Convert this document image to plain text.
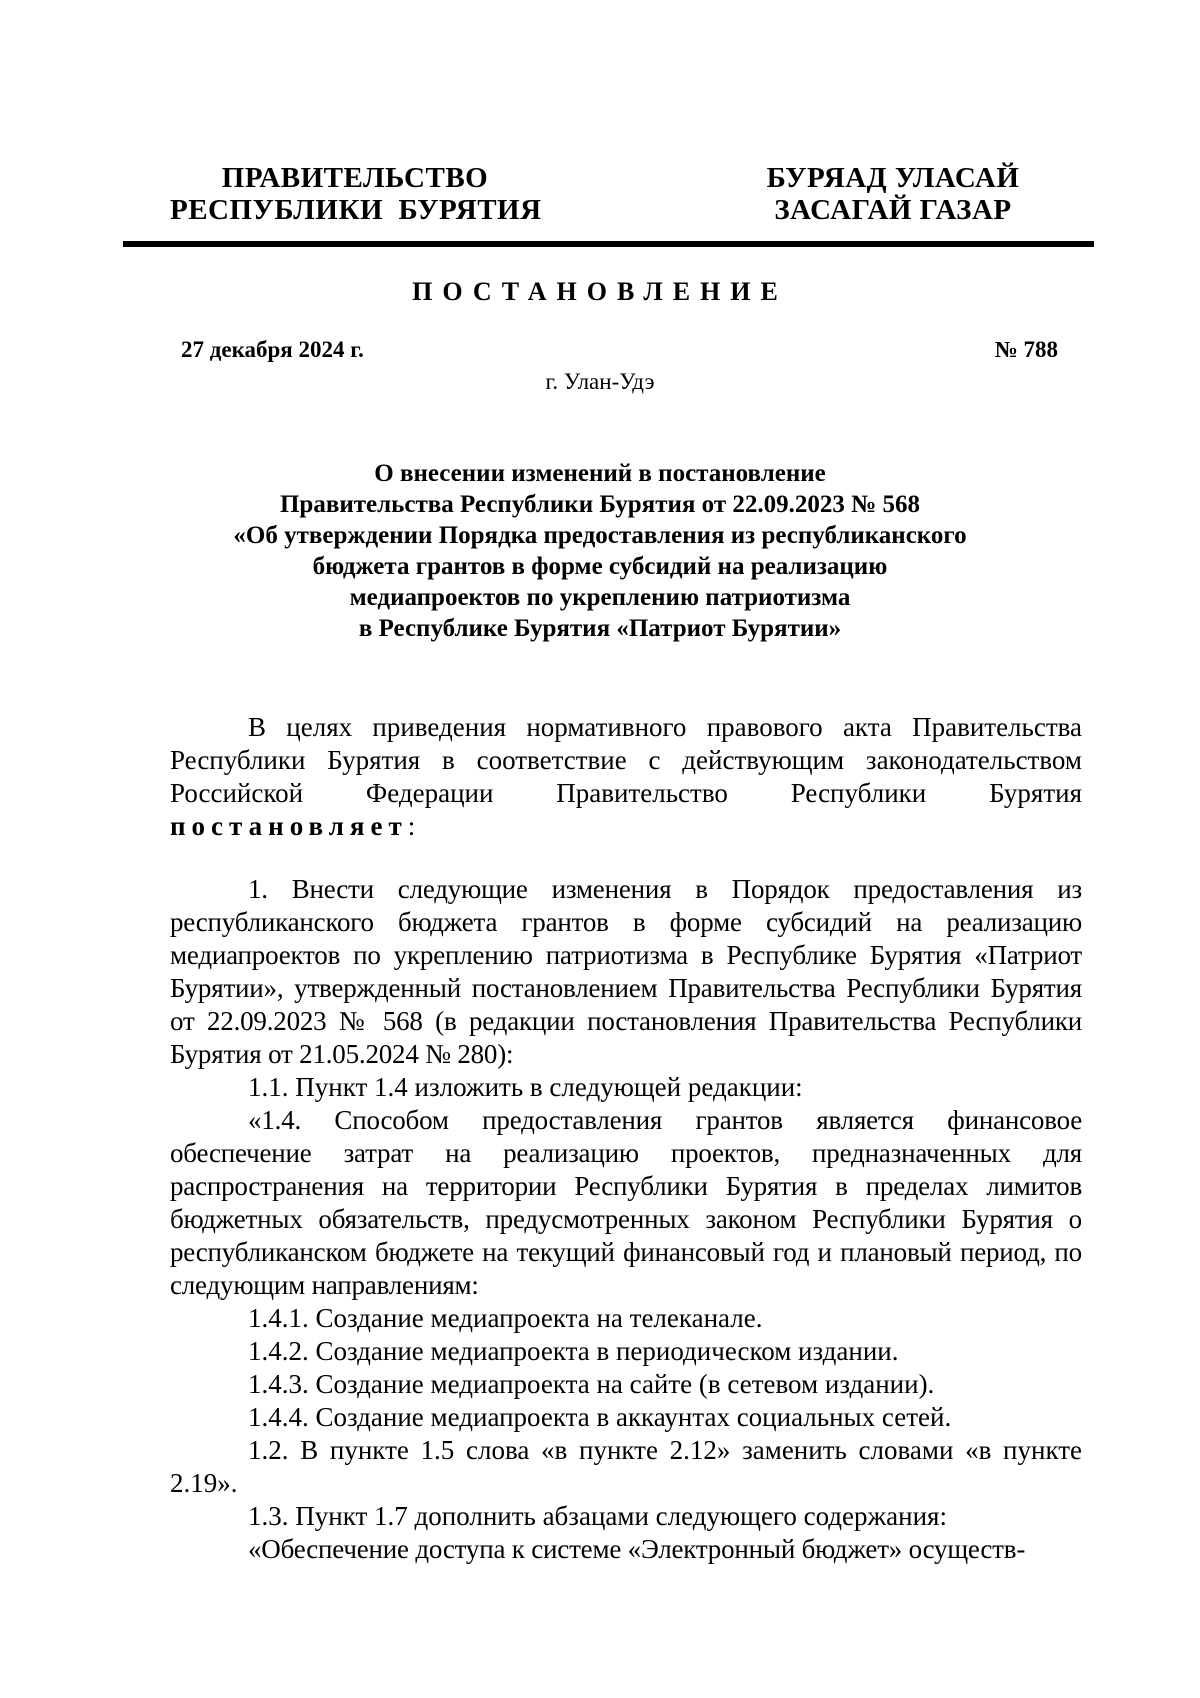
ПРАВИТЕЛЬСТВО
РЕСПУБЛИКИ  БУРЯТИЯ
БУРЯАД УЛАСАЙ
ЗАСАГАЙ ГАЗАР
ПОСТАНОВЛЕНИЕ
27 декабря 2024 г.	№ 788
г. Улан-Удэ
О внесении изменений в постановление
Правительства Республики Бурятия от 22.09.2023 № 568
«Об утверждении Порядка предоставления из республиканского
бюджета грантов в форме субсидий на реализацию
медиапроектов по укреплению патриотизма
в Республике Бурятия «Патриот Бурятии»

В целях приведения нормативного правового акта Правительства Республики Бурятия в соответствие с действующим законодательством Российской Федерации Правительство Республики Бурятия постановляет:

1. Внести следующие изменения в Порядок предоставления из республиканского бюджета грантов в форме субсидий на реализацию медиапроектов по укреплению патриотизма в Республике Бурятия «Патриот Бурятии», утвержденный постановлением Правительства Республики Бурятия от 22.09.2023 № 568 (в редакции постановления Правительства Республики Бурятия от 21.05.2024 № 280):

1.1. Пункт 1.4 изложить в следующей редакции:

«1.4. Способом предоставления грантов является финансовое обеспечение затрат на реализацию проектов, предназначенных для распространения на территории Республики Бурятия в пределах лимитов бюджетных обязательств, предусмотренных законом Республики Бурятия о республиканском бюджете на текущий финансовый год и плановый период, по следующим направлениям:

1.4.1. Создание медиапроекта на телеканале.

1.4.2. Создание медиапроекта в периодическом издании.

1.4.3. Создание медиапроекта на сайте (в сетевом издании).

1.4.4. Создание медиапроекта в аккаунтах социальных сетей.

1.2. В пункте 1.5 слова «в пункте 2.12» заменить словами «в пункте 2.19».

1.3. Пункт 1.7 дополнить абзацами следующего содержания:

«Обеспечение доступа к системе «Электронный бюджет» осуществ-
